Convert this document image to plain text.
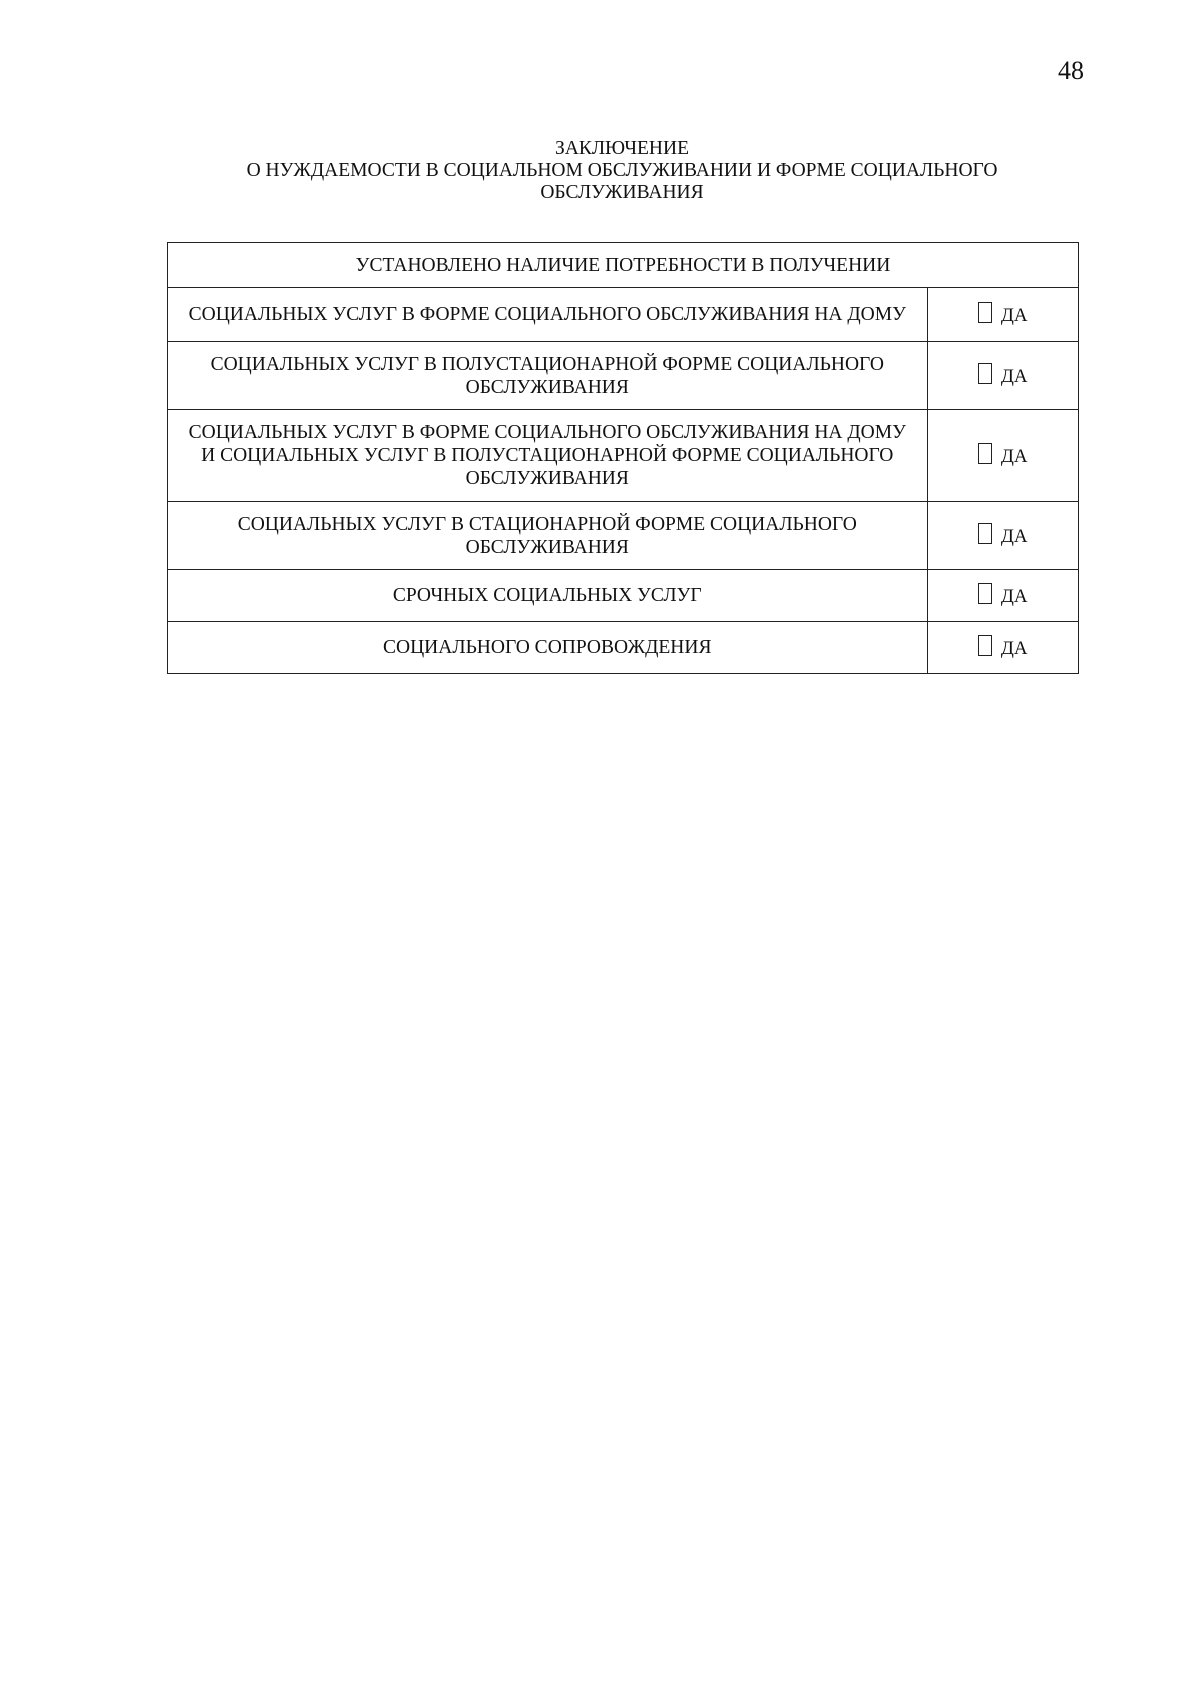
48
ЗАКЛЮЧЕНИЕ
О НУЖДАЕМОСТИ В СОЦИАЛЬНОМ ОБСЛУЖИВАНИИ И ФОРМЕ СОЦИАЛЬНОГО
ОБСЛУЖИВАНИЯ
УСТАНОВЛЕНО НАЛИЧИЕ ПОТРЕБНОСТИ В ПОЛУЧЕНИИ	

СОЦИАЛЬНЫХ УСЛУГ В ФОРМЕ СОЦИАЛЬНОГО ОБСЛУЖИВАНИЯ НА ДОМУ	ДА

СОЦИАЛЬНЫХ УСЛУГ В ПОЛУСТАЦИОНАРНОЙ ФОРМЕ СОЦИАЛЬНОГО
ОБСЛУЖИВАНИЯ	ДА

СОЦИАЛЬНЫХ УСЛУГ В ФОРМЕ СОЦИАЛЬНОГО ОБСЛУЖИВАНИЯ НА ДОМУ
И СОЦИАЛЬНЫХ УСЛУГ В ПОЛУСТАЦИОНАРНОЙ ФОРМЕ СОЦИАЛЬНОГО
ОБСЛУЖИВАНИЯ	ДА

СОЦИАЛЬНЫХ УСЛУГ В СТАЦИОНАРНОЙ ФОРМЕ СОЦИАЛЬНОГО
ОБСЛУЖИВАНИЯ	ДА

СРОЧНЫХ СОЦИАЛЬНЫХ УСЛУГ	ДА

СОЦИАЛЬНОГО СОПРОВОЖДЕНИЯ	ДА
